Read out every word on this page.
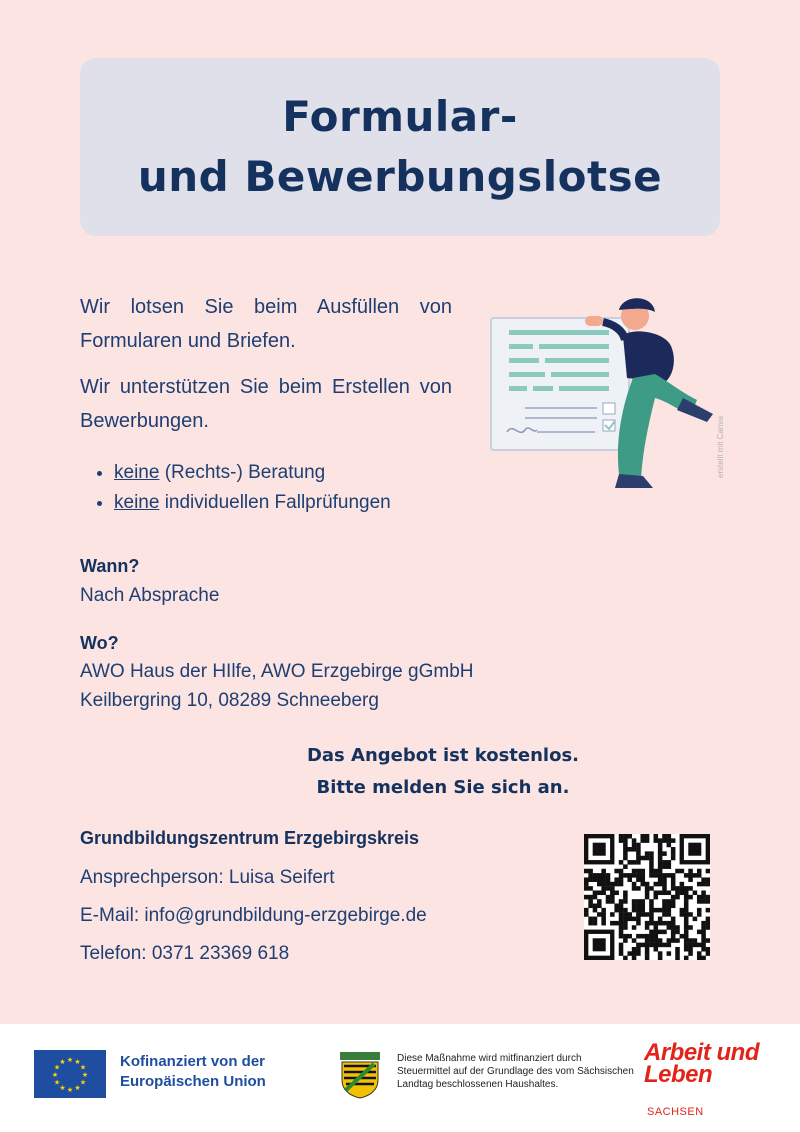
Formular-
und Bewerbungslotse

Wir lotsen Sie beim Ausfüllen von Formularen und Briefen.

Wir unterstützen Sie beim Erstellen von Bewerbungen.

• keine (Rechts-) Beratung
• keine individuellen Fallprüfungen
erstellt mit Canva
Wann?
Nach Absprache
Wo?
AWO Haus der HIlfe, AWO Erzgebirge gGmbH
Keilbergring 10, 08289 Schneeberg
Das Angebot ist kostenlos.
Bitte melden Sie sich an.
Grundbildungszentrum Erzgebirgskreis
Ansprechperson: Luisa Seifert
E-Mail: info@grundbildung-erzgebirge.de
Telefon: 0371 23369 618
★ ★
★
★
★
★
★
★
★
★
★
★	Kofinanziert von der
Europäischen Union
Diese Maßnahme wird mitfinanziert durch Steuermittel auf der Grundlage des vom Sächsischen Landtag beschlossenen Haushaltes.
Arbeit und
Leben
SACHSEN
